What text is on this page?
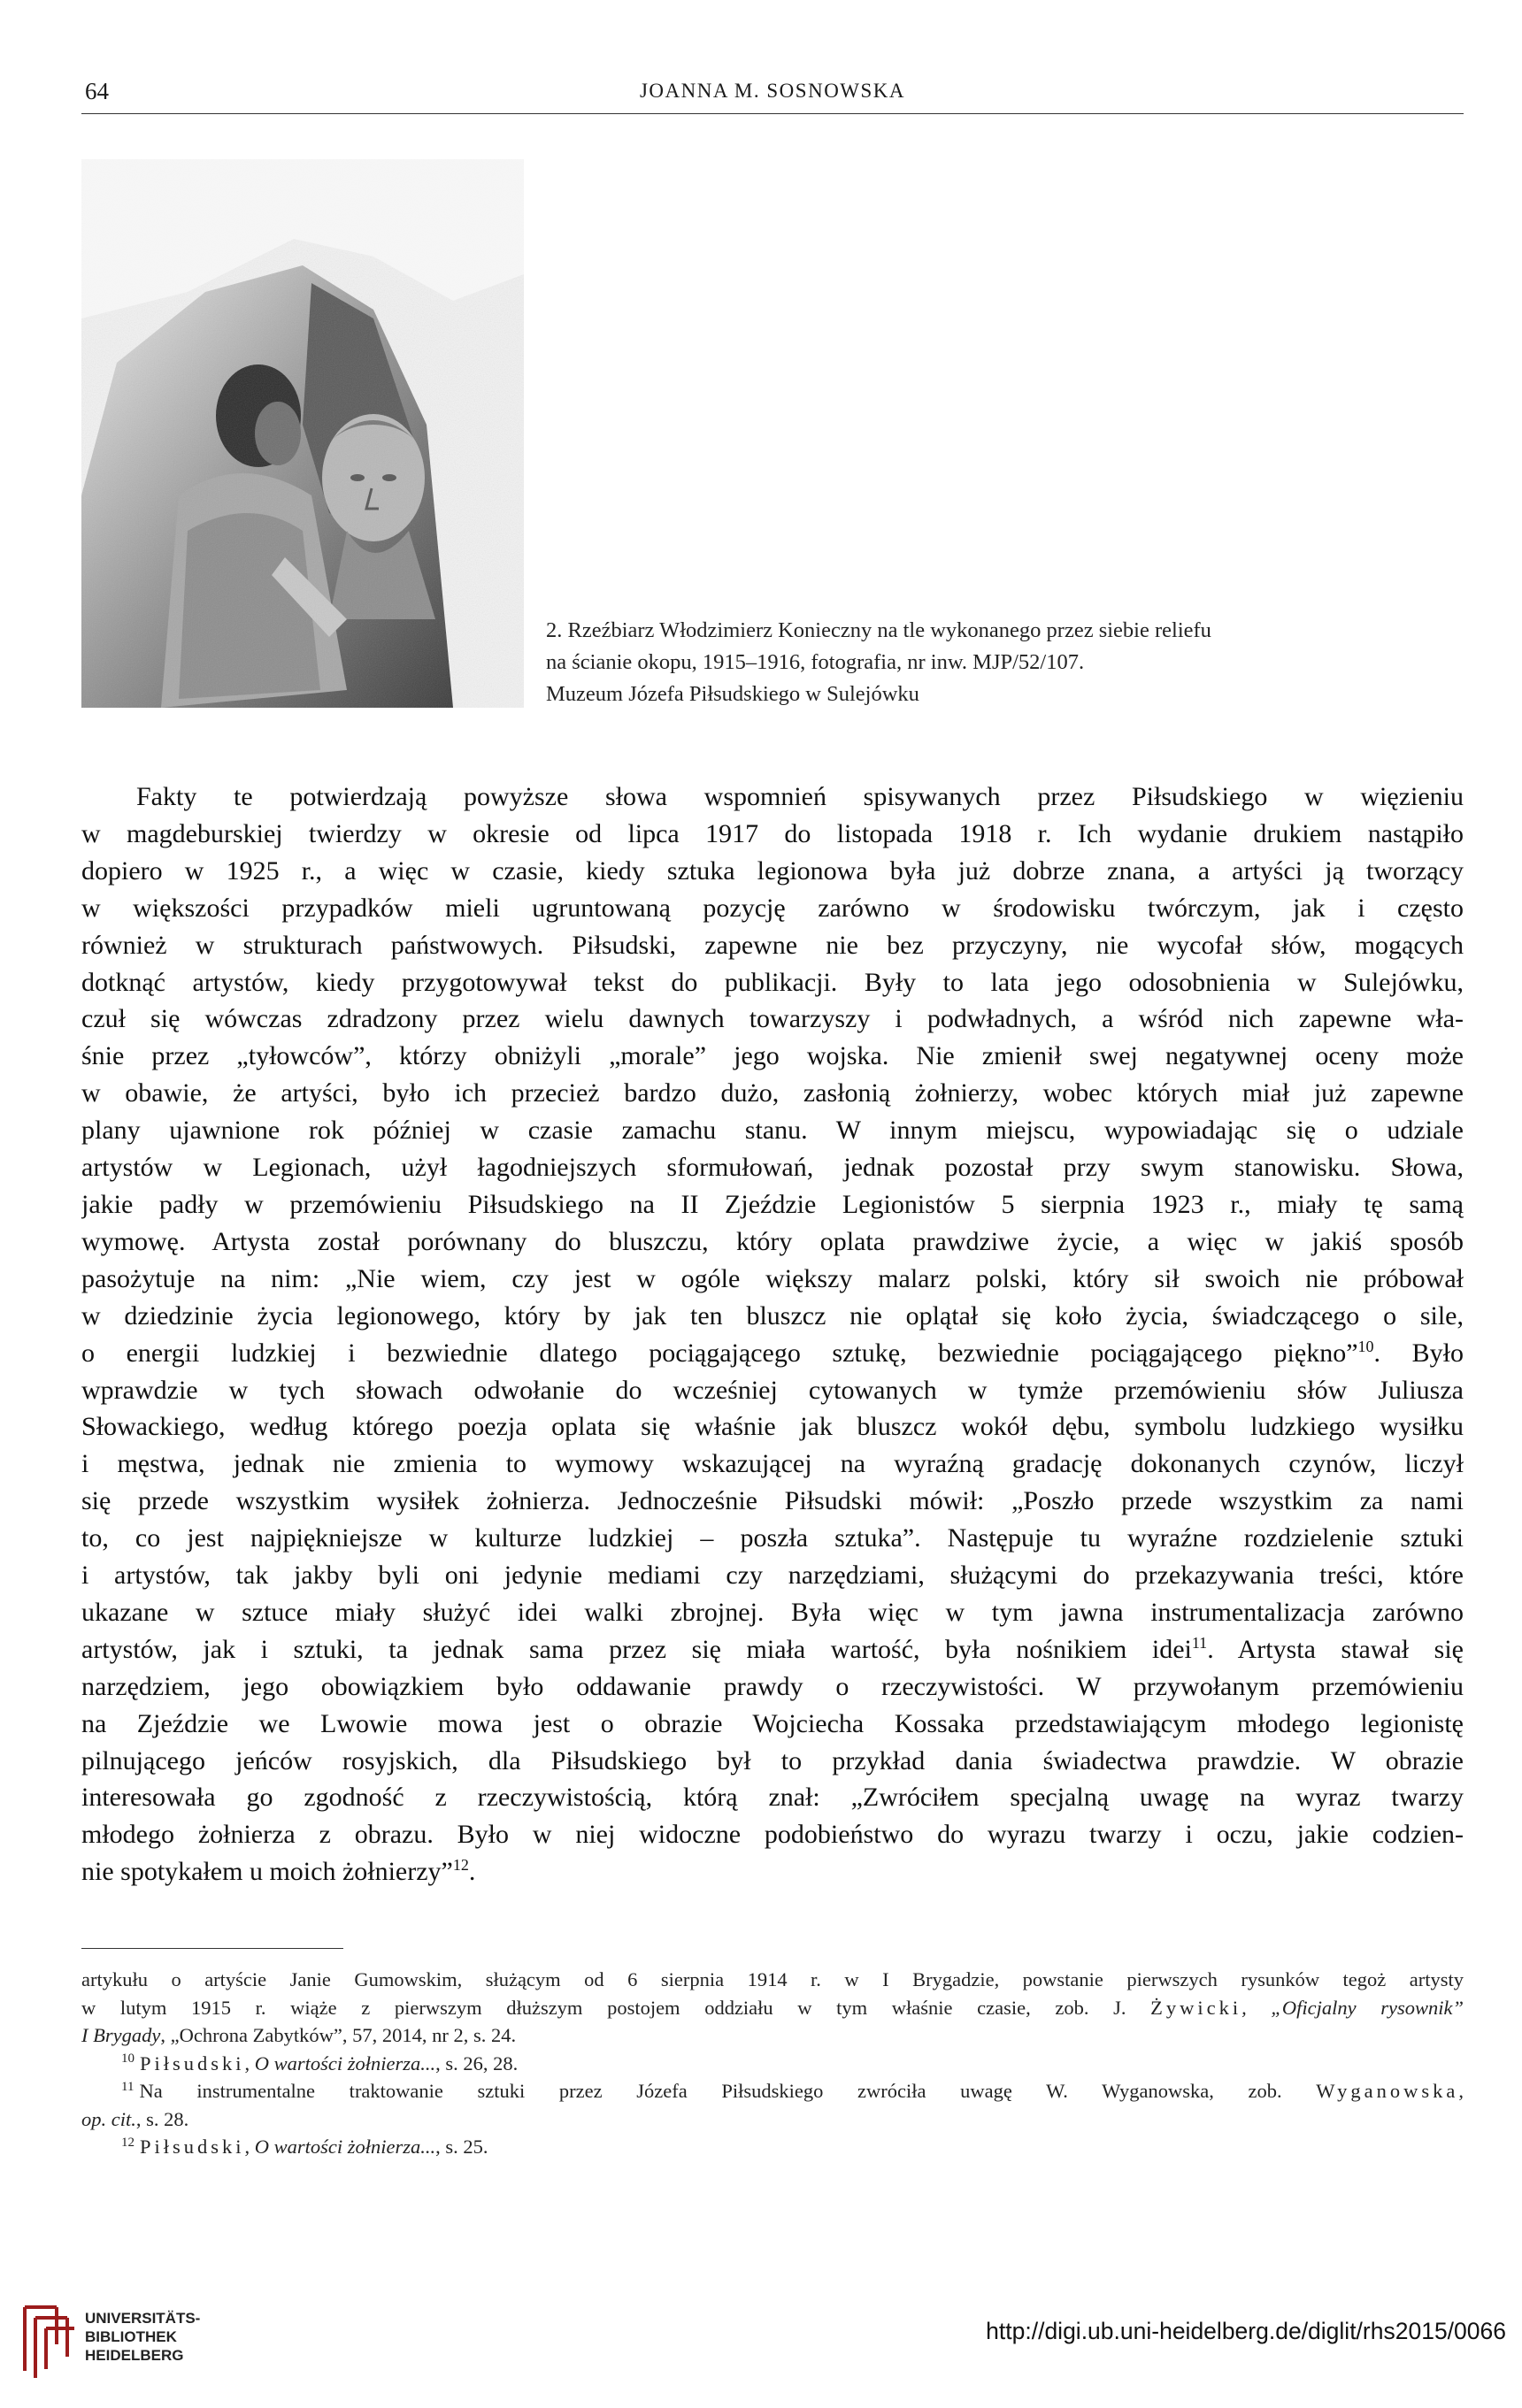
64	JOANNA M. SOSNOWSKA
2. Rzeźbiarz Włodzimierz Konieczny na tle wykonanego przez siebie reliefu
na ścianie okopu, 1915–1916, fotografia, nr inw. MJP/52/107.
Muzeum Józefa Piłsudskiego w Sulejówku
Fakty te potwierdzają powyższe słowa wspomnień spisywanych przez Piłsudskiego w więzieniu
w magdeburskiej twierdzy w okresie od lipca 1917 do listopada 1918 r. Ich wydanie drukiem nastąpiło
dopiero w 1925 r., a więc w czasie, kiedy sztuka legionowa była już dobrze znana, a artyści ją tworzący
w większości przypadków mieli ugruntowaną pozycję zarówno w środowisku twórczym, jak i często
również w strukturach państwowych. Piłsudski, zapewne nie bez przyczyny, nie wycofał słów, mogących
dotknąć artystów, kiedy przygotowywał tekst do publikacji. Były to lata jego odosobnienia w Sulejówku,
czuł się wówczas zdradzony przez wielu dawnych towarzyszy i podwładnych, a wśród nich zapewne wła-
śnie przez „tyłowców”, którzy obniżyli „morale” jego wojska. Nie zmienił swej negatywnej oceny może
w obawie, że artyści, było ich przecież bardzo dużo, zasłonią żołnierzy, wobec których miał już zapewne
plany ujawnione rok później w czasie zamachu stanu. W innym miejscu, wypowiadając się o udziale
artystów w Legionach, użył łagodniejszych sformułowań, jednak pozostał przy swym stanowisku. Słowa,
jakie padły w przemówieniu Piłsudskiego na II Zjeździe Legionistów 5 sierpnia 1923 r., miały tę samą
wymowę. Artysta został porównany do bluszczu, który oplata prawdziwe życie, a więc w jakiś sposób
pasożytuje na nim: „Nie wiem, czy jest w ogóle większy malarz polski, który sił swoich nie próbował
w dziedzinie życia legionowego, który by jak ten bluszcz nie oplątał się koło życia, świadczącego o sile,
o energii ludzkiej i bezwiednie dlatego pociągającego sztukę, bezwiednie pociągającego piękno”$^{10}$. Było
wprawdzie w tych słowach odwołanie do wcześniej cytowanych w tymże przemówieniu słów Juliusza
Słowackiego, według którego poezja oplata się właśnie jak bluszcz wokół dębu, symbolu ludzkiego wysiłku
i męstwa, jednak nie zmienia to wymowy wskazującej na wyraźną gradację dokonanych czynów, liczył
się przede wszystkim wysiłek żołnierza. Jednocześnie Piłsudski mówił: „Poszło przede wszystkim za nami
to, co jest najpiękniejsze w kulturze ludzkiej – poszła sztuka”. Następuje tu wyraźne rozdzielenie sztuki
i artystów, tak jakby byli oni jedynie mediami czy narzędziami, służącymi do przekazywania treści, które
ukazane w sztuce miały służyć idei walki zbrojnej. Była więc w tym jawna instrumentalizacja zarówno
artystów, jak i sztuki, ta jednak sama przez się miała wartość, była nośnikiem idei$^{11}$. Artysta stawał się
narzędziem, jego obowiązkiem było oddawanie prawdy o rzeczywistości. W przywołanym przemówieniu
na Zjeździe we Lwowie mowa jest o obrazie Wojciecha Kossaka przedstawiającym młodego legionistę
pilnującego jeńców rosyjskich, dla Piłsudskiego był to przykład dania świadectwa prawdzie. W obrazie
interesowała go zgodność z rzeczywistością, którą znał: „Zwróciłem specjalną uwagę na wyraz twarzy
młodego żołnierza z obrazu. Było w niej widoczne podobieństwo do wyrazu twarzy i oczu, jakie codzien-
nie spotykałem u moich żołnierzy”$^{12}$.
artykułu o artyście Janie Gumowskim, służącym od 6 sierpnia 1914 r. w I Brygadzie, powstanie pierwszych rysunków tegoż artysty
w lutym 1915 r. wiąże z pierwszym dłuższym postojem oddziału w tym właśnie czasie, zob. J. Żywicki, „Oficjalny rysownik”
I Brygady, „Ochrona Zabytków”, 57, 2014, nr 2, s. 24.
$^{10}$ Piłsudski, O wartości żołnierza..., s. 26, 28.
$^{11}$ Na instrumentalne traktowanie sztuki przez Józefa Piłsudskiego zwróciła uwagę W. Wyganowska, zob. Wyganowska,
op. cit., s. 28.
$^{12}$ Piłsudski, O wartości żołnierza..., s. 25.
UNIVERSITÄTS-
BIBLIOTHEK
HEIDELBERG
http://digi.ub.uni-heidelberg.de/diglit/rhs2015/0066
